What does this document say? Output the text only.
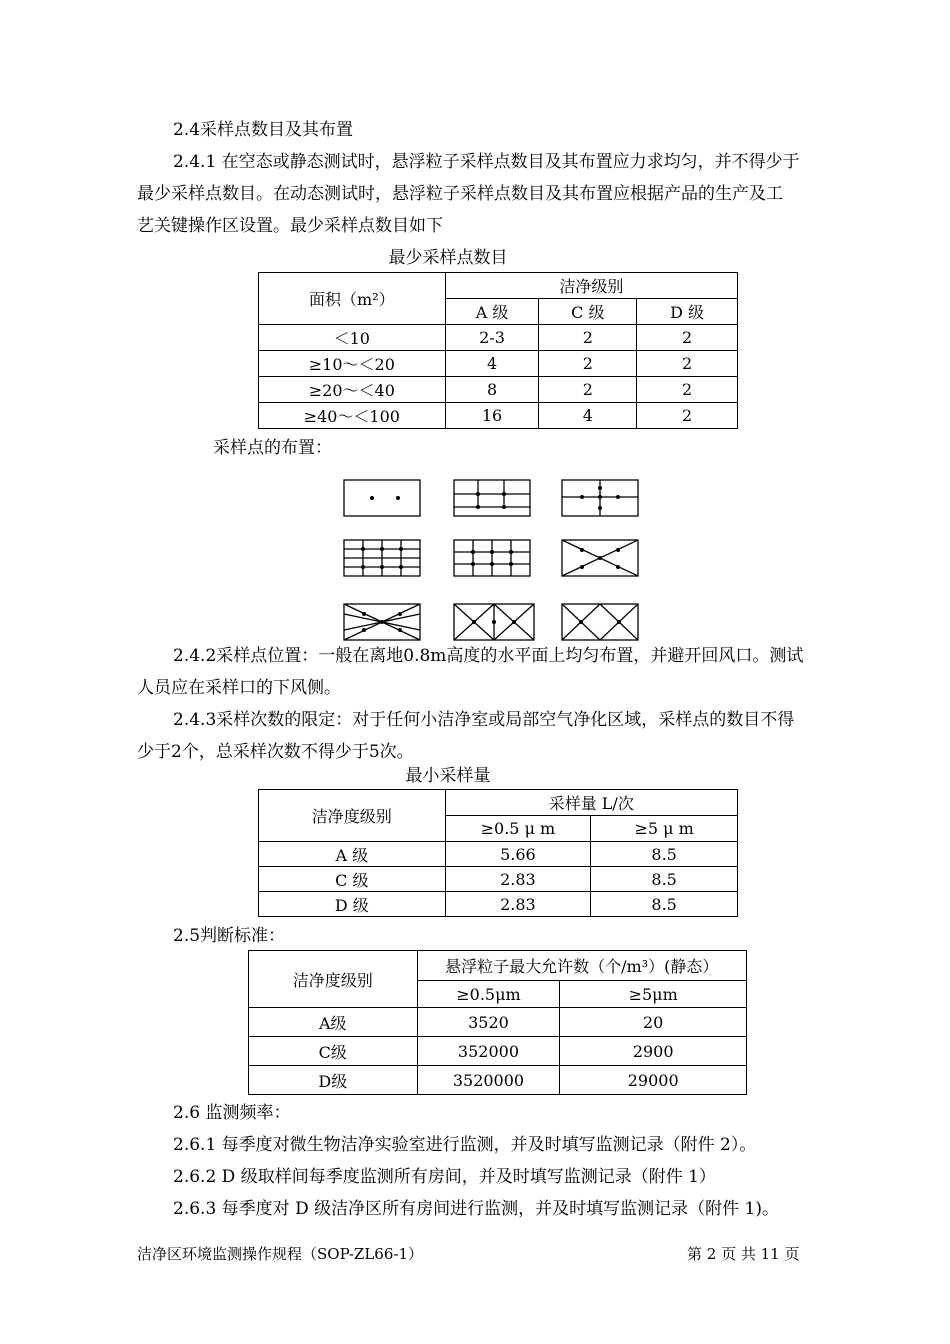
2.4采样点数目及其布置
2.4.1 在空态或静态测试时，悬浮粒子采样点数目及其布置应力求均匀，并不得少于
最少采样点数目。在动态测试时，悬浮粒子采样点数目及其布置应根据产品的生产及工
艺关键操作区设置。最少采样点数目如下
最少采样点数目
面积（m²）	洁净级别		
	A 级	C 级	D 级
＜10	2-3	2	2
≥10～＜20	4	2	2
≥20～＜40	8	2	2
≥40～＜100	16	4	2
采样点的布置：
2.4.2采样点位置：一般在离地0.8m高度的水平面上均匀布置，并避开回风口。测试
人员应在采样口的下风侧。
2.4.3采样次数的限定：对于任何小洁净室或局部空气净化区域，采样点的数目不得
少于2个，总采样次数不得少于5次。
最小采样量
洁净度级别	采样量 L/次	
	≥0.5 μ m	≥5 μ m
A 级	5.66	8.5
C 级	2.83	8.5
D 级	2.83	8.5
2.5判断标准：
洁净度级别	悬浮粒子最大允许数（个/m³）(静态）	
	≥0.5μm	≥5μm
A级	3520	20
C级	352000	2900
D级	3520000	29000
2.6 监测频率：
2.6.1 每季度对微生物洁净实验室进行监测，并及时填写监测记录（附件 2）。
2.6.2 D 级取样间每季度监测所有房间，并及时填写监测记录（附件 1）
2.6.3 每季度对 D 级洁净区所有房间进行监测，并及时填写监测记录（附件 1)。
洁净区环境监测操作规程（SOP-ZL66-1）	第 2 页 共 11 页
